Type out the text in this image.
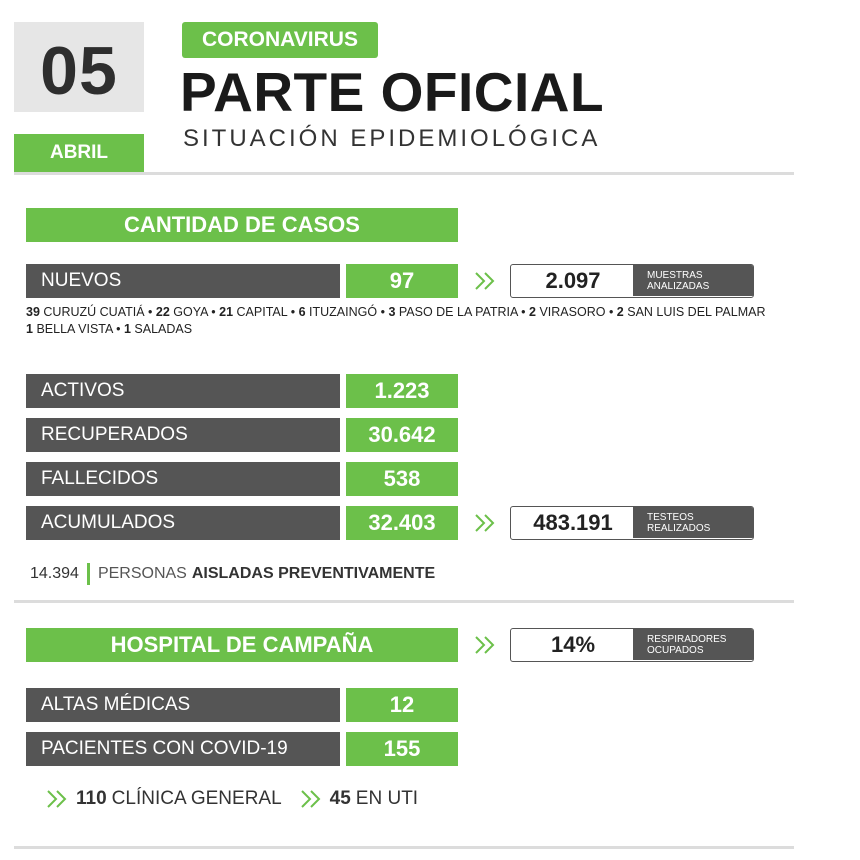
05
ABRIL
CORONAVIRUS
PARTE OFICIAL
SITUACIÓN EPIDEMIOLÓGICA
CANTIDAD DE CASOS
NUEVOS	97	2.097	MUESTRAS
ANALIZADAS
39 CURUZÚ CUATIÁ • 22 GOYA • 21 CAPITAL • 6 ITUZAINGÓ • 3 PASO DE LA PATRIA • 2 VIRASORO • 2 SAN LUIS DEL PALMAR
1 BELLA VISTA • 1 SALADAS
ACTIVOS	1.223
RECUPERADOS	30.642
FALLECIDOS	538
ACUMULADOS	32.403	483.191	TESTEOS
REALIZADOS
14.394 PERSONAS AISLADAS PREVENTIVAMENTE
HOSPITAL DE CAMPAÑA	14%	RESPIRADORES
OCUPADOS
ALTAS MÉDICAS	12
PACIENTES CON COVID-19	155
110 CLÍNICA GENERAL	45 EN UTI
